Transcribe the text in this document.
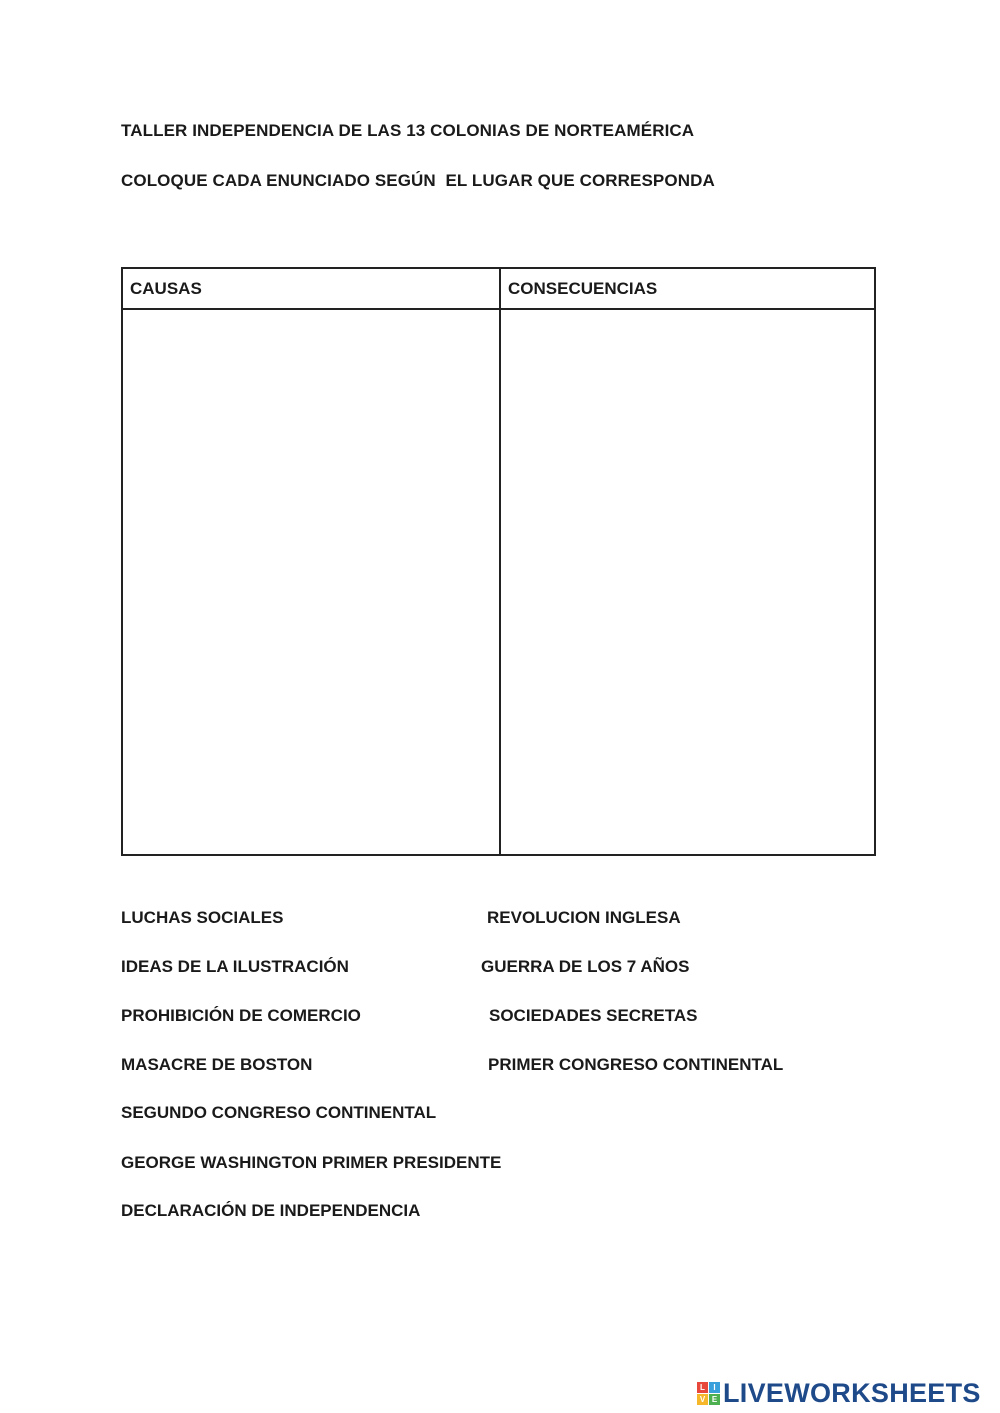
TALLER INDEPENDENCIA DE LAS 13 COLONIAS DE NORTEAMÉRICA
COLOQUE CADA ENUNCIADO SEGÚN  EL LUGAR QUE CORRESPONDA
CAUSAS	CONSECUENCIAS
LUCHAS SOCIALES	REVOLUCION INGLESA
IDEAS DE LA ILUSTRACIÓN	GUERRA DE LOS 7 AÑOS
PROHIBICIÓN DE COMERCIO	SOCIEDADES SECRETAS
MASACRE DE BOSTON	PRIMER CONGRESO CONTINENTAL
SEGUNDO CONGRESO CONTINENTAL
GEORGE WASHINGTON PRIMER PRESIDENTE
DECLARACIÓN DE INDEPENDENCIA
L	I
V E LIVEWORKSHEETS
